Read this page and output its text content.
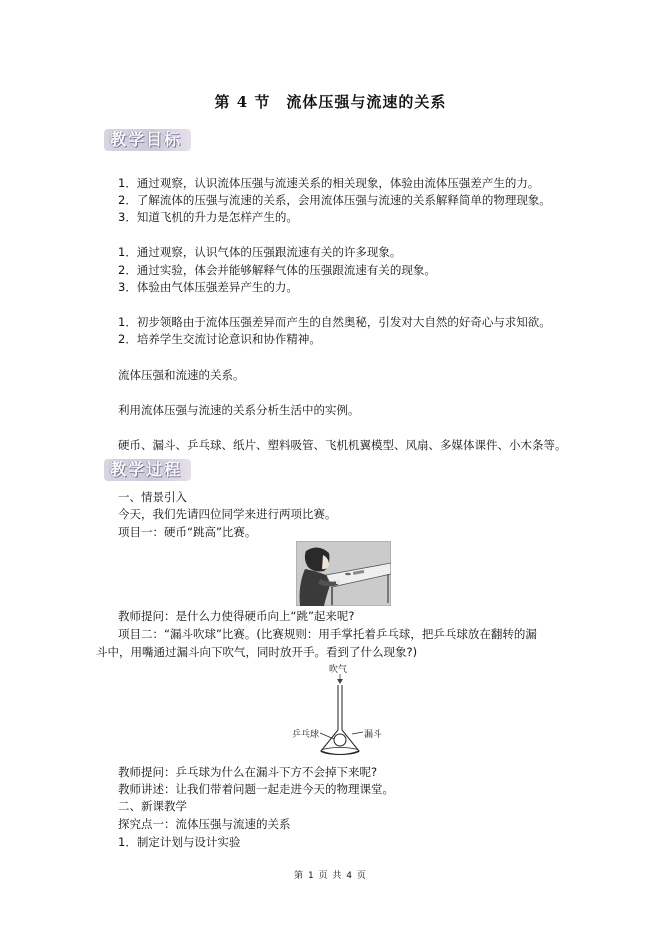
第 4 节　流体压强与流速的关系
教学目标
1．通过观察，认识流体压强与流速关系的相关现象，体验由流体压强差产生的力。
2．了解流体的压强与流速的关系，会用流体压强与流速的关系解释简单的物理现象。
3．知道飞机的升力是怎样产生的。
1．通过观察，认识气体的压强跟流速有关的许多现象。
2．通过实验，体会并能够解释气体的压强跟流速有关的现象。
3．体验由气体压强差异产生的力。
1．初步领略由于流体压强差异而产生的自然奥秘，引发对大自然的好奇心与求知欲。
2．培养学生交流讨论意识和协作精神。
流体压强和流速的关系。
利用流体压强与流速的关系分析生活中的实例。
硬币、漏斗、乒乓球、纸片、塑料吸管、飞机机翼模型、风扇、多媒体课件、小木条等。
教学过程
一、情景引入
今天，我们先请四位同学来进行两项比赛。
项目一：硬币“跳高”比赛。
教师提问：是什么力使得硬币向上“跳”起来呢?
项目二：“漏斗吹球”比赛。(比赛规则：用手掌托着乒乓球，把乒乓球放在翻转的漏
斗中，用嘴通过漏斗向下吹气，同时放开手。看到了什么现象?)
吹气
乒乓球	漏斗
教师提问：乒乓球为什么在漏斗下方不会掉下来呢?
教师讲述：让我们带着问题一起走进今天的物理课堂。
二、新课教学
探究点一：流体压强与流速的关系
1．制定计划与设计实验
第 1 页 共 4 页
